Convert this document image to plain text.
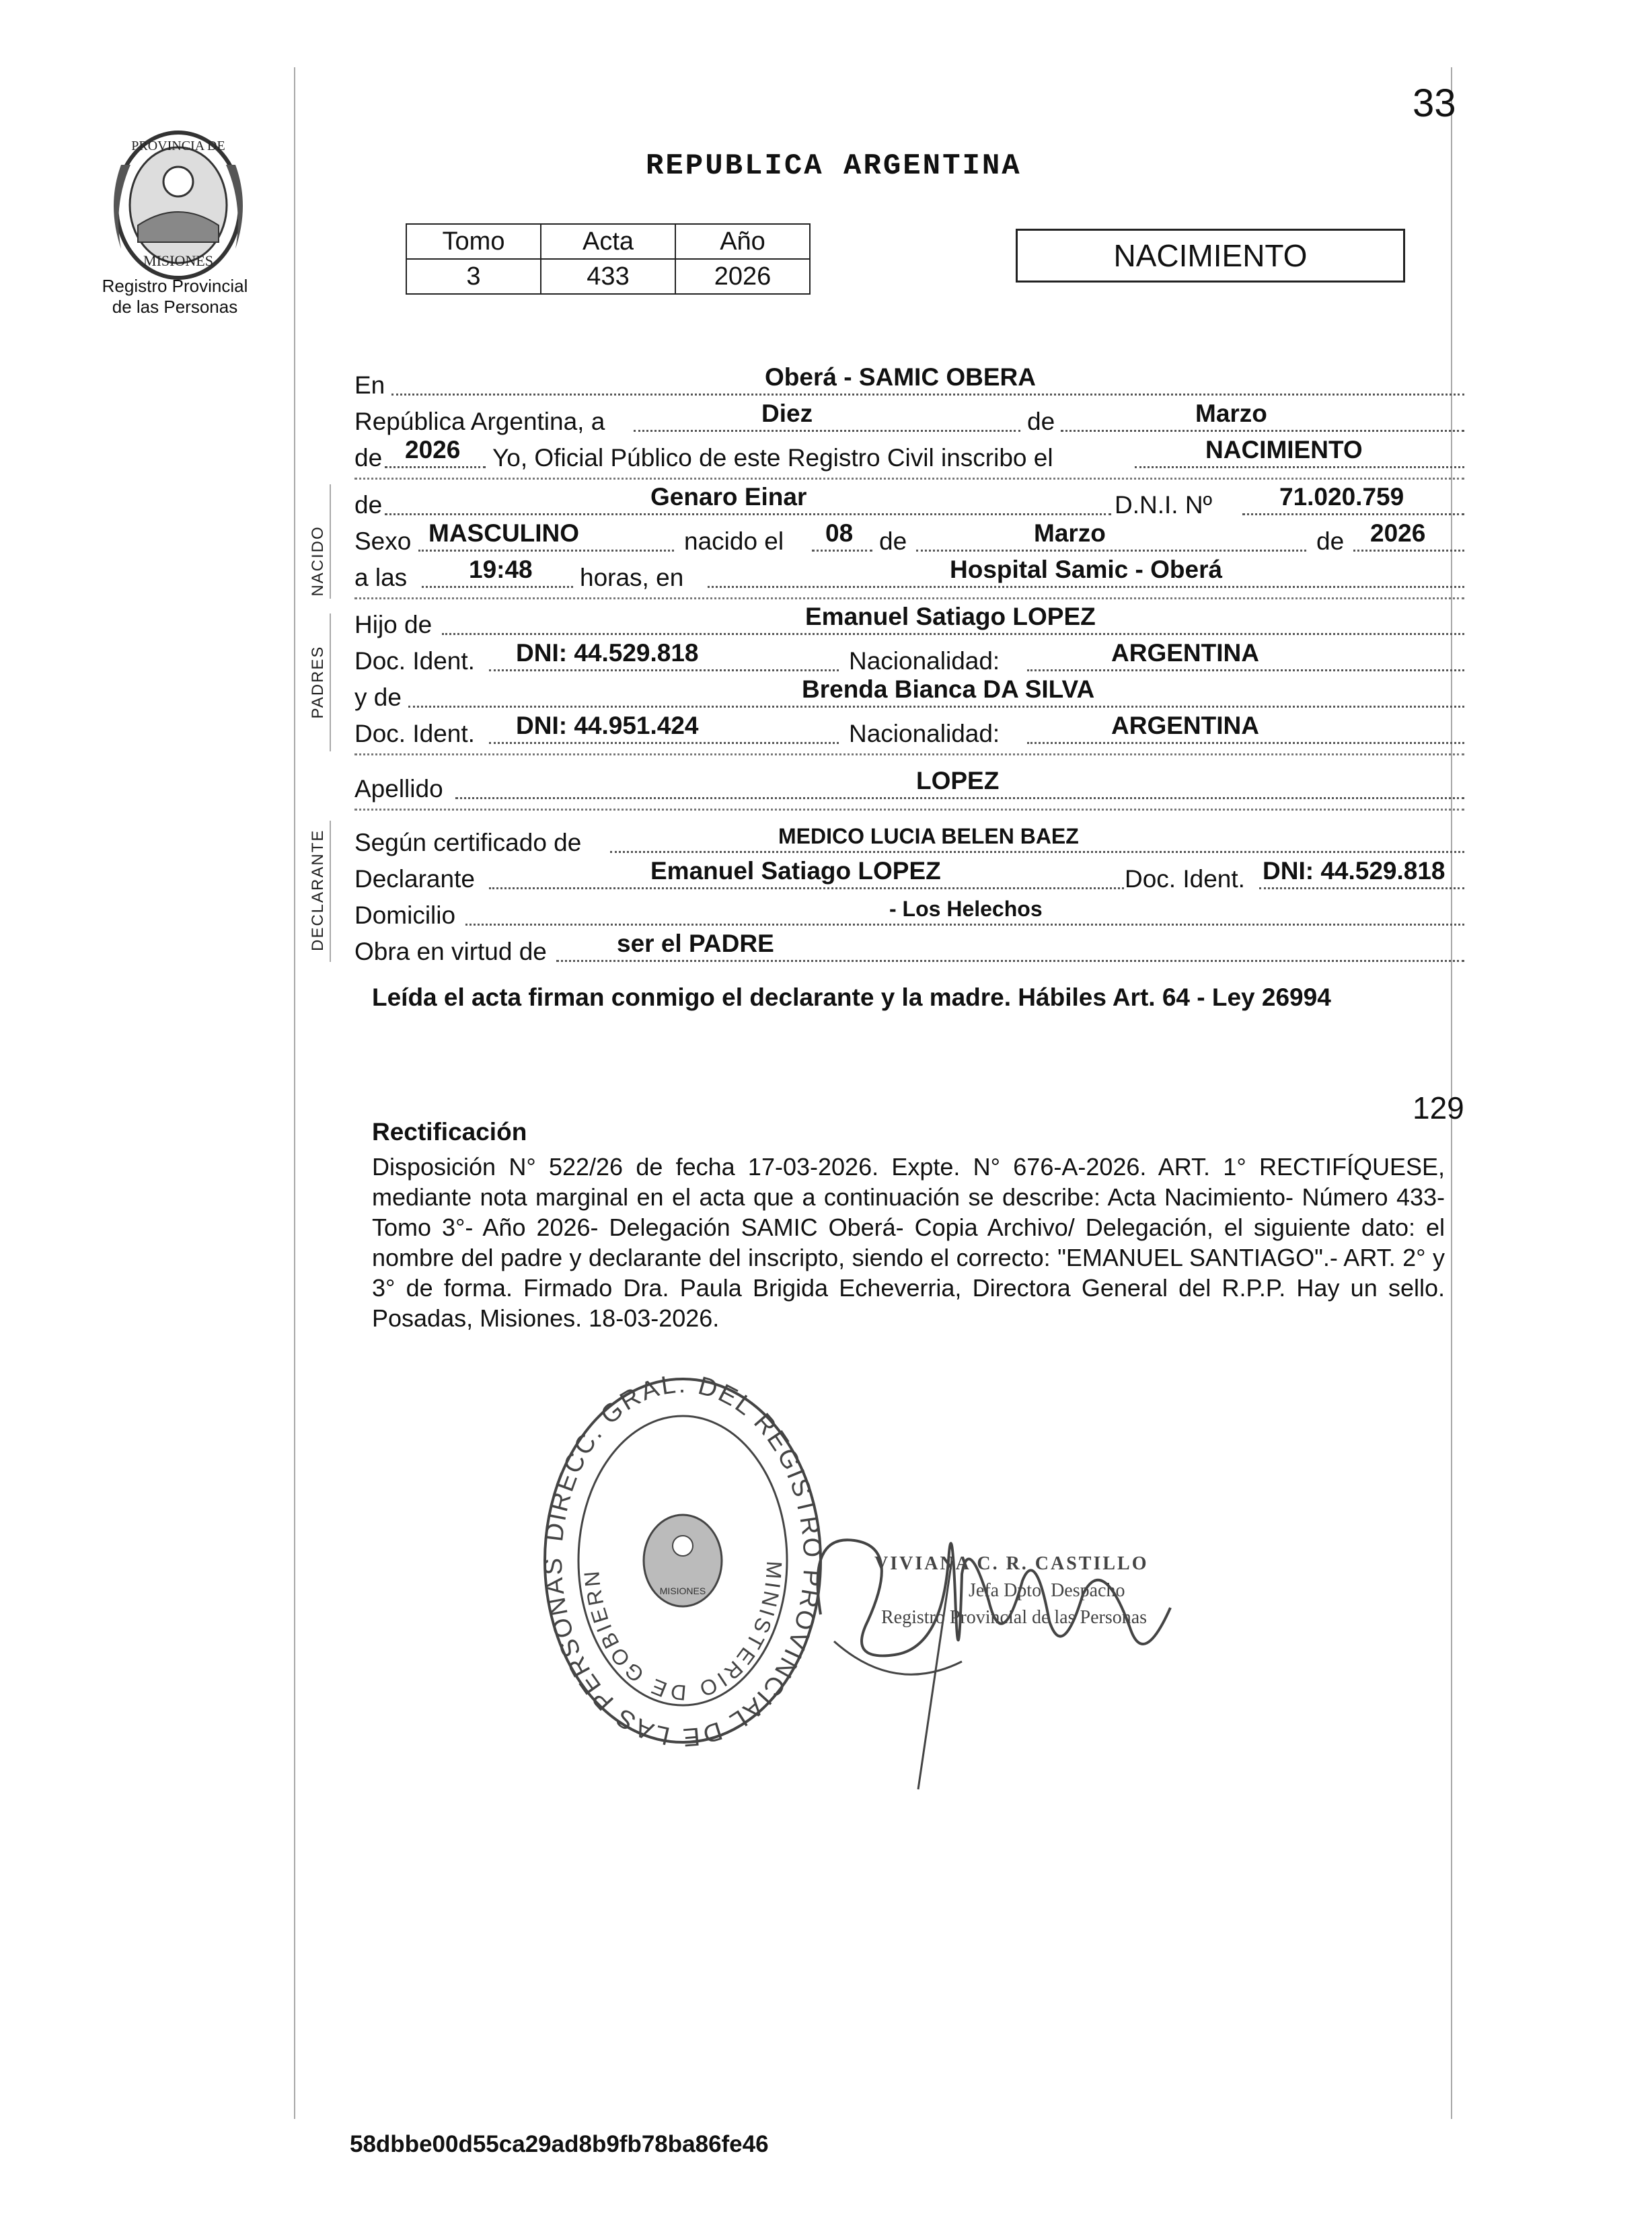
PROVINCIA DE
MISIONES
Registro Provincial
de las Personas
33
REPUBLICA ARGENTINA
Tomo	Acta	Año
3	433	2026
NACIMIENTO
NACIDO
PADRES
DECLARANTE
En	Oberá - SAMIC OBERA
República Argentina, a	Diez	de	Marzo
de 2026 Yo, Oficial Público de este Registro Civil inscribo el	NACIMIENTO
de	Genaro Einar	D.N.I. Nº	71.020.759
Sexo MASCULINO	nacido el 08 de	Marzo	de 2026
a las 19:48 horas, en	Hospital Samic - Oberá
Hijo de	Emanuel Satiago LOPEZ
Doc. Ident. DNI: 44.529.818	Nacionalidad:	ARGENTINA
y de	Brenda Bianca DA SILVA
Doc. Ident. DNI: 44.951.424	Nacionalidad:	ARGENTINA
Apellido	LOPEZ
Según certificado de	MEDICO LUCIA BELEN BAEZ
Declarante	Emanuel Satiago LOPEZ	Doc. Ident. DNI: 44.529.818
Domicilio	- Los Helechos
Obra en virtud de	ser el PADRE
Leída el acta firman conmigo el declarante y la madre. Hábiles Art. 64 - Ley 26994
129
Rectificación
Disposición N° 522/26 de fecha 17-03-2026. Expte. N° 676-A-2026. ART. 1° RECTIFÍQUESE, mediante nota marginal en el acta que a continuación se describe: Acta Nacimiento- Número 433- Tomo 3°- Año 2026- Delegación SAMIC Oberá- Copia Archivo/ Delegación, el siguiente dato: el nombre del padre y declarante del inscripto, siendo el correcto: "EMANUEL SANTIAGO".- ART. 2° y 3° de forma. Firmado Dra. Paula Brigida Echeverria, Directora General del R.P.P. Hay un sello. Posadas, Misiones. 18-03-2026.
DIRECC. GRAL. DEL REGISTRO PROVINCIAL DE LAS PERSONAS	MINISTERIO DE GOBIERN
MISIONES
VIVIANA C. R. CASTILLO
Jefa Dpto. Despacho
Registro Provincial de las Personas
58dbbe00d55ca29ad8b9fb78ba86fe46
